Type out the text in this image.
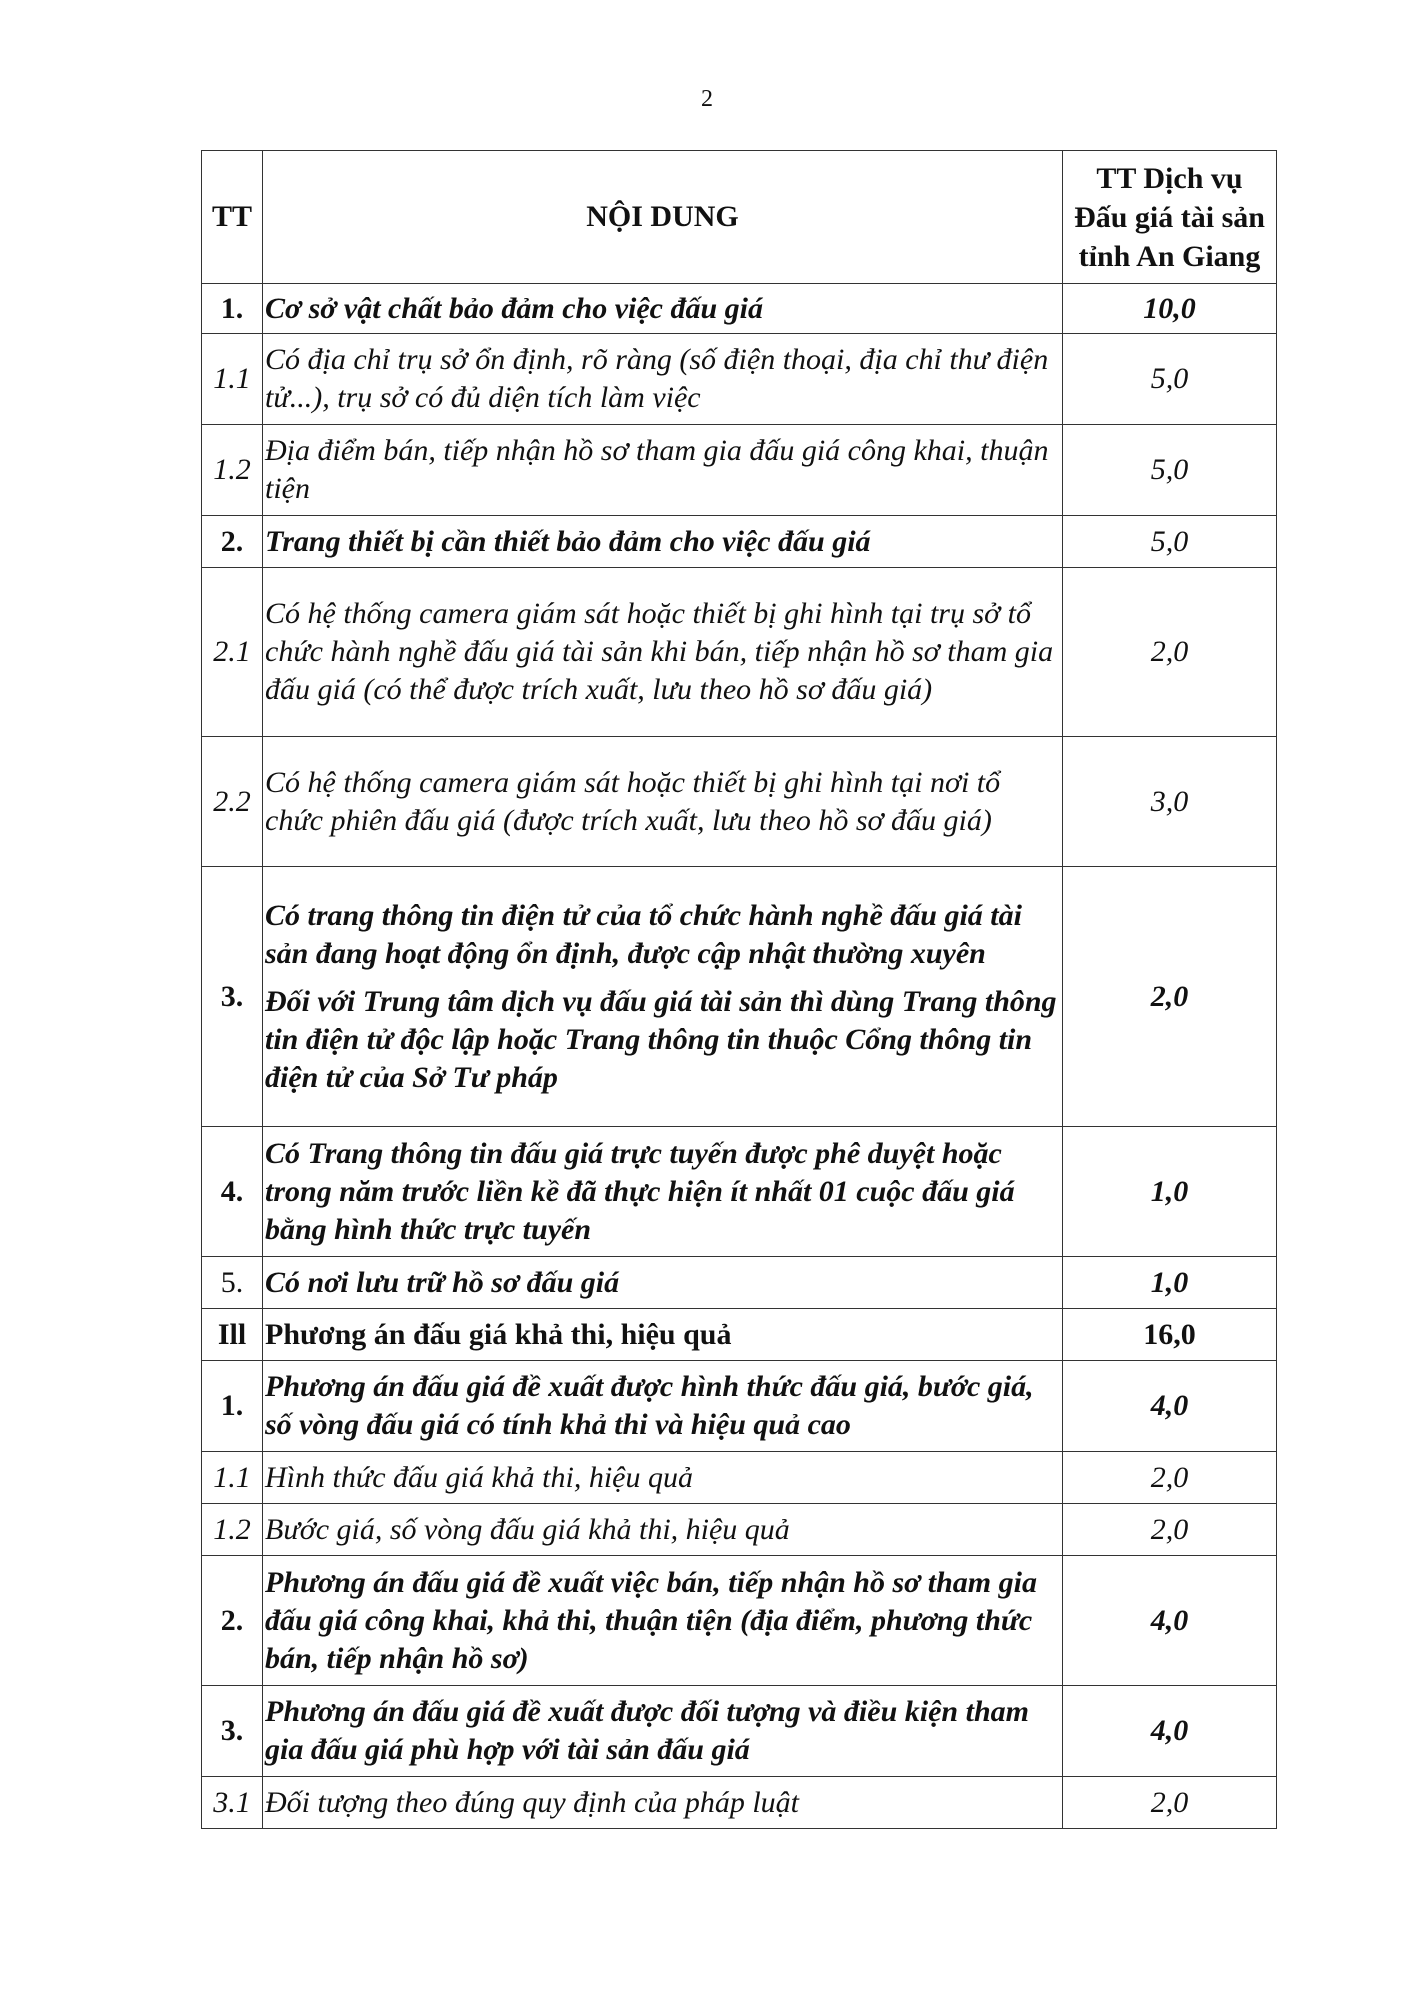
2
TT	NỘI DUNG	TT Dịch vụ
Đấu giá tài sản
tỉnh An Giang

1.	Cơ sở vật chất bảo đảm cho việc đấu giá	10,0
1.1	Có địa chỉ trụ sở ổn định, rõ ràng (số điện thoại, địa chỉ thư điện tử...), trụ sở có đủ diện tích làm việc	5,0
1.2	Địa điểm bán, tiếp nhận hồ sơ tham gia đấu giá công khai, thuận tiện	5,0
2.	Trang thiết bị cần thiết bảo đảm cho việc đấu giá	5,0
2.1	Có hệ thống camera giám sát hoặc thiết bị ghi hình tại trụ sở tổ chức hành nghề đấu giá tài sản khi bán, tiếp nhận hồ sơ tham gia đấu giá (có thể được trích xuất, lưu theo hồ sơ đấu giá)	2,0
2.2	Có hệ thống camera giám sát hoặc thiết bị ghi hình tại nơi tổ chức phiên đấu giá (được trích xuất, lưu theo hồ sơ đấu giá)	3,0
3.	Có trang thông tin điện tử của tổ chức hành nghề đấu giá tài sản đang hoạt động ổn định, được cập nhật thường xuyên
Đối với Trung tâm dịch vụ đấu giá tài sản thì dùng Trang thông tin điện tử độc lập hoặc Trang thông tin thuộc Cổng thông tin điện tử của Sở Tư pháp	2,0
4.	Có Trang thông tin đấu giá trực tuyến được phê duyệt hoặc trong năm trước liền kề đã thực hiện ít nhất 01 cuộc đấu giá bằng hình thức trực tuyến	1,0
5.	Có nơi lưu trữ hồ sơ đấu giá	1,0
Ill	Phương án đấu giá khả thi, hiệu quả	16,0
1.	Phương án đấu giá đề xuất được hình thức đấu giá, bước giá, số vòng đấu giá có tính khả thi và hiệu quả cao	4,0
1.1	Hình thức đấu giá khả thi, hiệu quả	2,0
1.2	Bước giá, số vòng đấu giá khả thi, hiệu quả	2,0
2.	Phương án đấu giá đề xuất việc bán, tiếp nhận hồ sơ tham gia đấu giá công khai, khả thi, thuận tiện (địa điểm, phương thức bán, tiếp nhận hồ sơ)	4,0
3.	Phương án đấu giá đề xuất được đối tượng và điều kiện tham gia đấu giá phù hợp với tài sản đấu giá	4,0
3.1	Đối tượng theo đúng quy định của pháp luật	2,0
